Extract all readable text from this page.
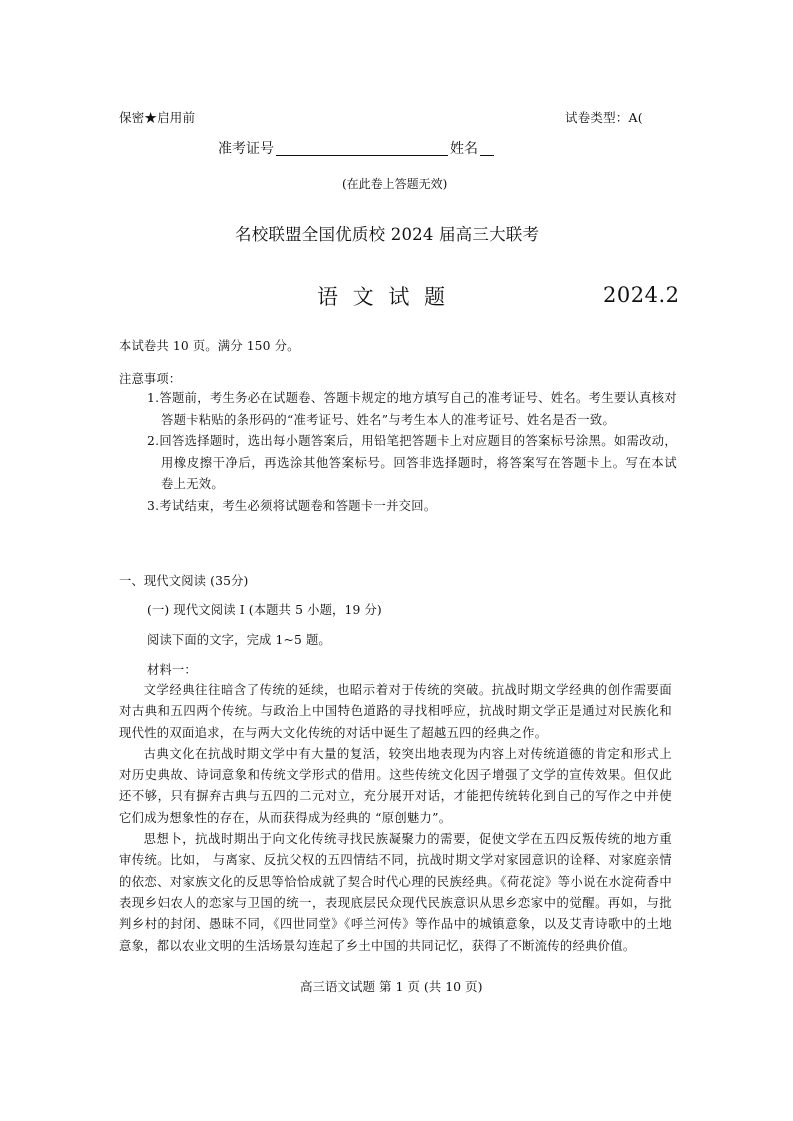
保密★启用前	试卷类型：A(
准考证号	姓名
(在此卷上答题无效)
名校联盟全国优质校 2024 届高三大联考
语 文 试 题	2024.2
本试卷共 10 页。满分 150 分。
注意事项：
1.答题前，考生务必在试题卷、答题卡规定的地方填写自己的准考证号、姓名。考生要认真核对答题卡粘贴的条形码的“准考证号、姓名”与考生本人的准考证号、姓名是否一致。
2.回答选择题时，选出每小题答案后，用铅笔把答题卡上对应题目的答案标号涂黑。如需改动，用橡皮擦干净后，再选涂其他答案标号。回答非选择题时，将答案写在答题卡上。写在本试卷上无效。
3.考试结束，考生必须将试题卷和答题卡一并交回。
一、现代文阅读 (35分)
(一) 现代文阅读 I (本题共 5 小题，19 分)
阅读下面的文字，完成 1~5 题。
材料一：

文学经典往往暗含了传统的延续，也昭示着对于传统的突破。抗战时期文学经典的创作需要面对古典和五四两个传统。与政治上中国特色道路的寻找相呼应，抗战时期文学正是通过对民族化和现代性的双面追求，在与两大文化传统的对话中诞生了超越五四的经典之作。

古典文化在抗战时期文学中有大量的复活，较突出地表现为内容上对传统道德的肯定和形式上对历史典故、诗词意象和传统文学形式的借用。这些传统文化因子增强了文学的宣传效果。但仅此还不够，只有摒弃古典与五四的二元对立，充分展开对话，才能把传统转化到自己的写作之中并使它们成为想象性的存在，从而获得成为经典的 “原创魅力”。

思想卜，抗战时期出于向文化传统寻找民族凝聚力的需要，促使文学在五四反叛传统的地方重审传统。比如， 与离家、反抗父权的五四情结不同，抗战时期文学对家园意识的诠释、对家庭亲情的依恋、对家族文化的反思等恰恰成就了契合时代心理的民族经典。《荷花淀》等小说在水淀荷香中表现乡妇农人的恋家与卫国的统一，表现底层民众现代民族意识从思乡恋家中的觉醒。再如，与批判乡村的封闭、愚昧不同，《四世同堂》《呼兰河传》等作品中的城镇意象，以及艾青诗歌中的土地意象，都以农业文明的生活场景勾连起了乡土中国的共同记忆，获得了不断流传的经典价值。

高三语文试题 第 1 页 (共 10 页)
